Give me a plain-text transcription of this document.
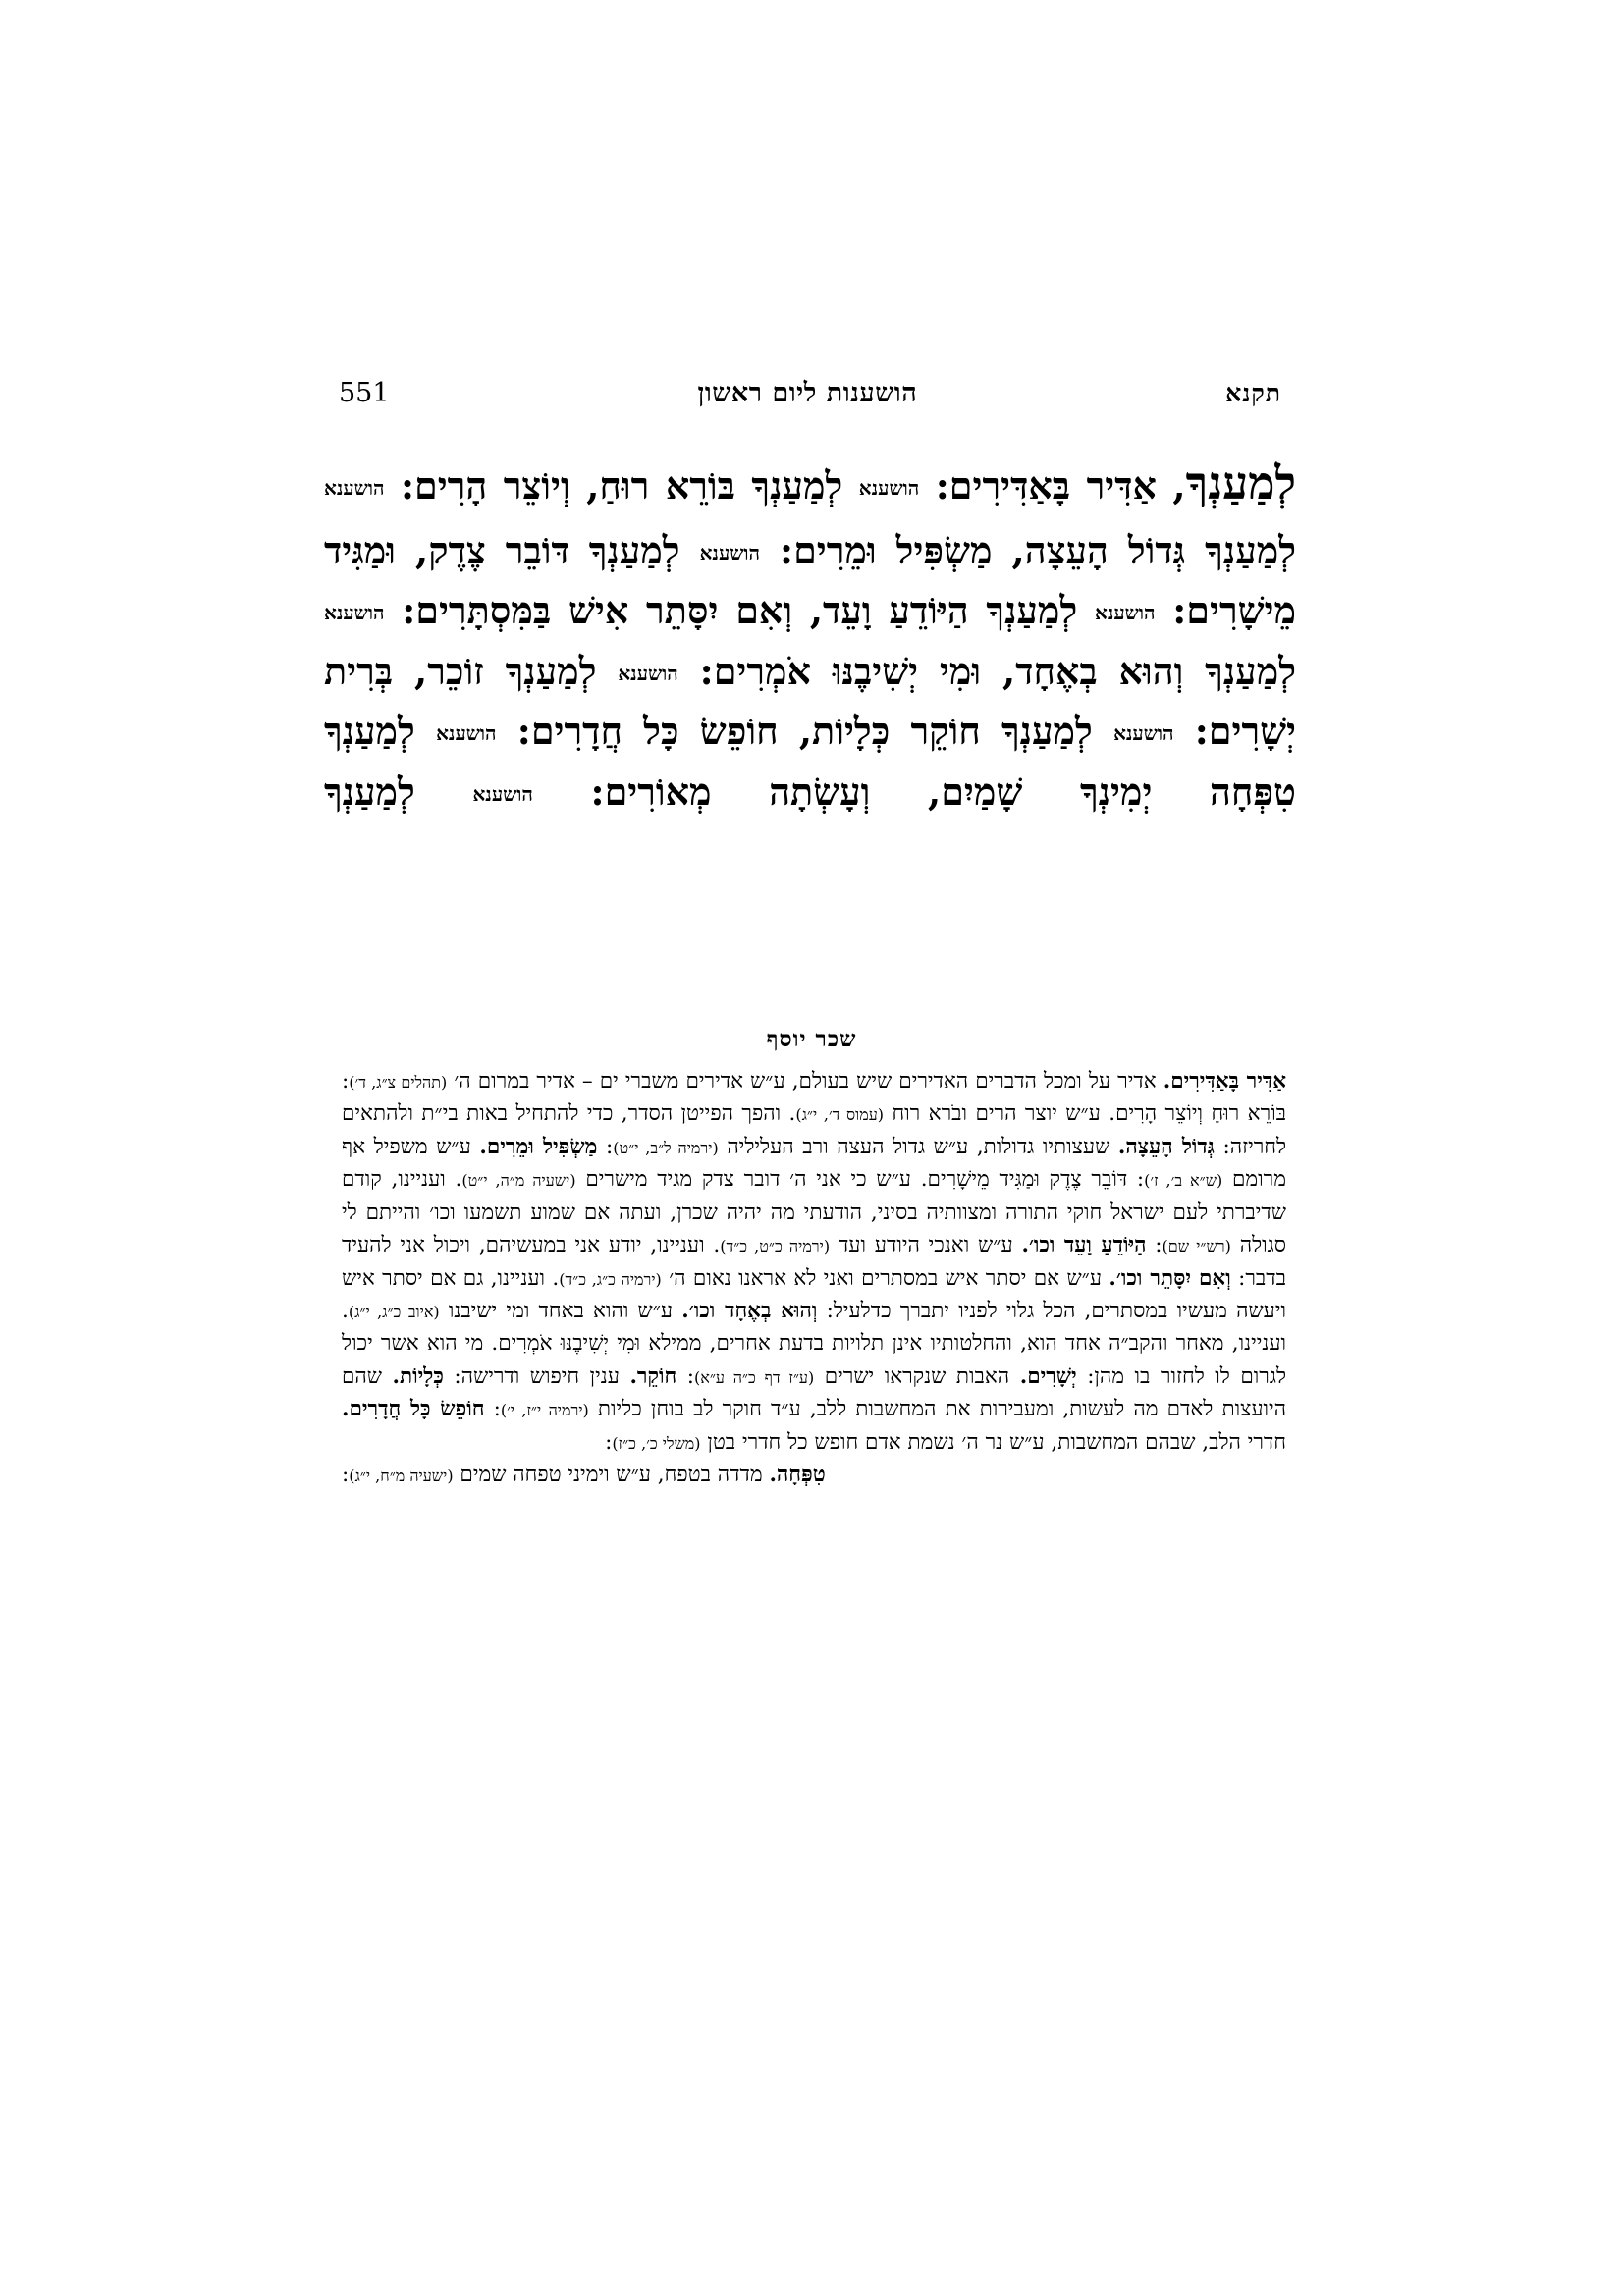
תקנא
הושענות ליום ראשון
551

לְמַעַנְךָ, אַדִּיר בָּאַדִּירִים: הושענא לְמַעַנְךָ בּוֹרֵא רוּחַ, וְיוֹצֵר הָרִים: הושענא לְמַעַנְךָ גְּדוֹל הָעֵצָה, מַשְׂפִּיל וּמֵרִים: הושענא לְמַעַנְךָ דּוֹבֵר צֶדֶק, וּמַגִּיד מֵישָׁרִים: הושענא לְמַעַנְךָ הַיּוֹדֵעַ וָעֵד, וְאִם יִסָּתֵר אִישׁ בַּמִּסְתָּרִים: הושענא לְמַעַנְךָ וְהוּא בְאֶחָד, וּמִי יְשִׁיבֶנּוּ אֹמְרִים: הושענא לְמַעַנְךָ זוֹכֵר, בְּרִית יְשָׁרִים: הושענא לְמַעַנְךָ חוֹקֵר כְּלָיוֹת, חוֹפֵשׂ כָּל חֲדָרִים: הושענא לְמַעַנְךָ טִפְּחָה יְמִינְךָ שָׁמַיִם, וְעָשְׂתָה מְאוֹרִים: הושענא לְמַעַנְךָ

שכר יוסף

אַדִּיר בָּאַדִּירִים. אדיר על ומכל הדברים האדירים שיש בעולם, ע״ש אדירים משברי ים – אדיר במרום ה׳ (תהלים צ״ג, ד׳): בּוֹרֵא רוּחַ וְיוֹצֵר הָרִים. ע״ש יוצר הרים ובֹרא רוח (עמוס ד׳, י״ג). והפך הפייטן הסדר, כדי להתחיל באות בי״ת ולהתאים לחריזה: גְּדוֹל הָעֵצָה. שעצותיו גדולות, ע״ש גדול העצה ורב העליליה (ירמיה ל״ב, י״ט): מַשְׂפִּיל וּמֵרִים. ע״ש משפיל אף מרומם (ש״א ב׳, ז׳): דּוֹבֵר צֶדֶק וּמַגִּיד מֵישָׁרִים. ע״ש כי אני ה׳ דובר צדק מגיד מישרים (ישעיה מ״ה, י״ט). ועניינו, קודם שדיברתי לעם ישראל חוקי התורה ומצוותיה בסיני, הודעתי מה יהיה שכרן, ועתה אם שמוע תשמעו וכו׳ והייתם לי סגולה (רש״י שם): הַיּוֹדֵעַ וָעֵד וכו׳. ע״ש ואנכי היודע ועד (ירמיה כ״ט, כ״ד). ועניינו, יודע אני במעשיהם, ויכול אני להעיד בדבר: וְאִם יִסָּתֵר וכו׳. ע״ש אם יסתר איש במסתרים ואני לא אראנו נאום ה׳ (ירמיה כ״ג, כ״ד). ועניינו, גם אם יסתר איש ויעשה מעשיו במסתרים, הכל גלוי לפניו יתברך כדלעיל: וְהוּא בְאֶחָד וכו׳. ע״ש והוא באחד ומי ישיבנו (איוב כ״ג, י״ג). ועניינו, מאחר והקב״ה אחד הוא, והחלטותיו אינן תלויות בדעת אחרים, ממילא וּמִי יְשִׁיבֶנּוּ אֹמְרִים. מי הוא אשר יכול לגרום לו לחזור בו מהן: יְשָׁרִים. האבות שנקראו ישרים (ע״ז דף כ״ה ע״א): חוֹקֵר. ענין חיפוש ודרישה: כְּלָיוֹת. שהם היועצות לאדם מה לעשות, ומעבירות את המחשבות ללב, ע״ד חוקר לב בוחן כליות (ירמיה י״ז, י׳): חוֹפֵשׂ כָּל חֲדָרִים. חדרי הלב, שבהם המחשבות, ע״ש נר ה׳ נשמת אדם חופש כל חדרי בטן (משלי כ׳, כ״ז):

טִפְּחָה. מדדה בטפח, ע״ש וימיני טפחה שמים (ישעיה מ״ח, י״ג):
